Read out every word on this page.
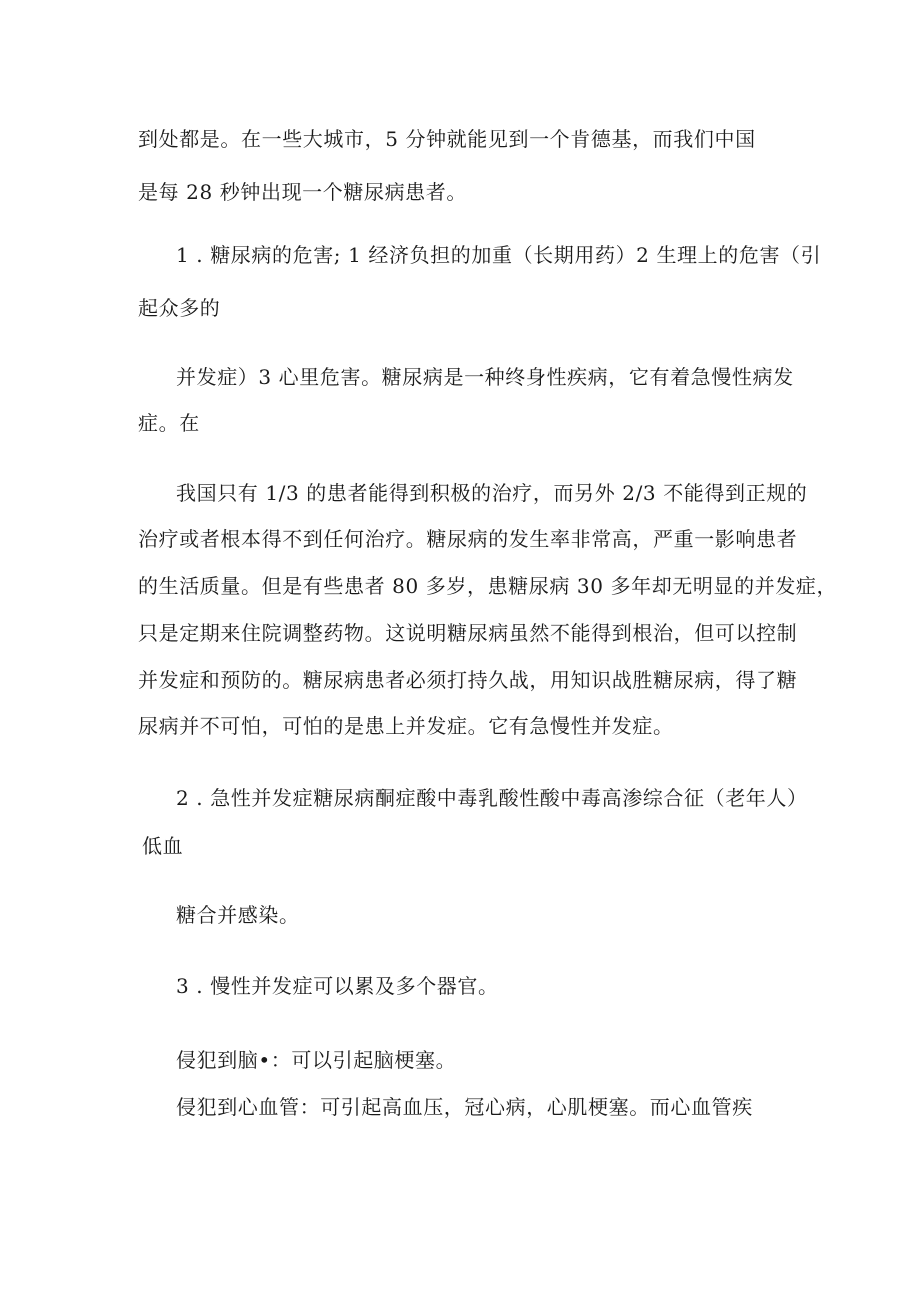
到处都是。在一些大城市，5 分钟就能见到一个肯德基，而我们中国
是每 28 秒钟出现一个糖尿病患者。
1 . 糖尿病的危害; 1 经济负担的加重（长期用药）2 生理上的危害（引
起众多的
并发症）3 心里危害。糖尿病是一种终身性疾病，它有着急慢性病发
症。在
我国只有 1/3 的患者能得到积极的治疗，而另外 2/3 不能得到正规的
治疗或者根本得不到任何治疗。糖尿病的发生率非常高，严重一影响患者
的生活质量。但是有些患者 80 多岁，患糖尿病 30 多年却无明显的并发症，
只是定期来住院调整药物。这说明糖尿病虽然不能得到根治，但可以控制
并发症和预防的。糖尿病患者必须打持久战，用知识战胜糖尿病，得了糖
尿病并不可怕，可怕的是患上并发症。它有急慢性并发症。
2 . 急性并发症糖尿病酮症酸中毒乳酸性酸中毒高渗综合征（老年人）
低血
糖合并感染。
3 . 慢性并发症可以累及多个器官。
侵犯到脑•：可以引起脑梗塞。
侵犯到心血管：可引起高血压，冠心病，心肌梗塞。而心血管疾
